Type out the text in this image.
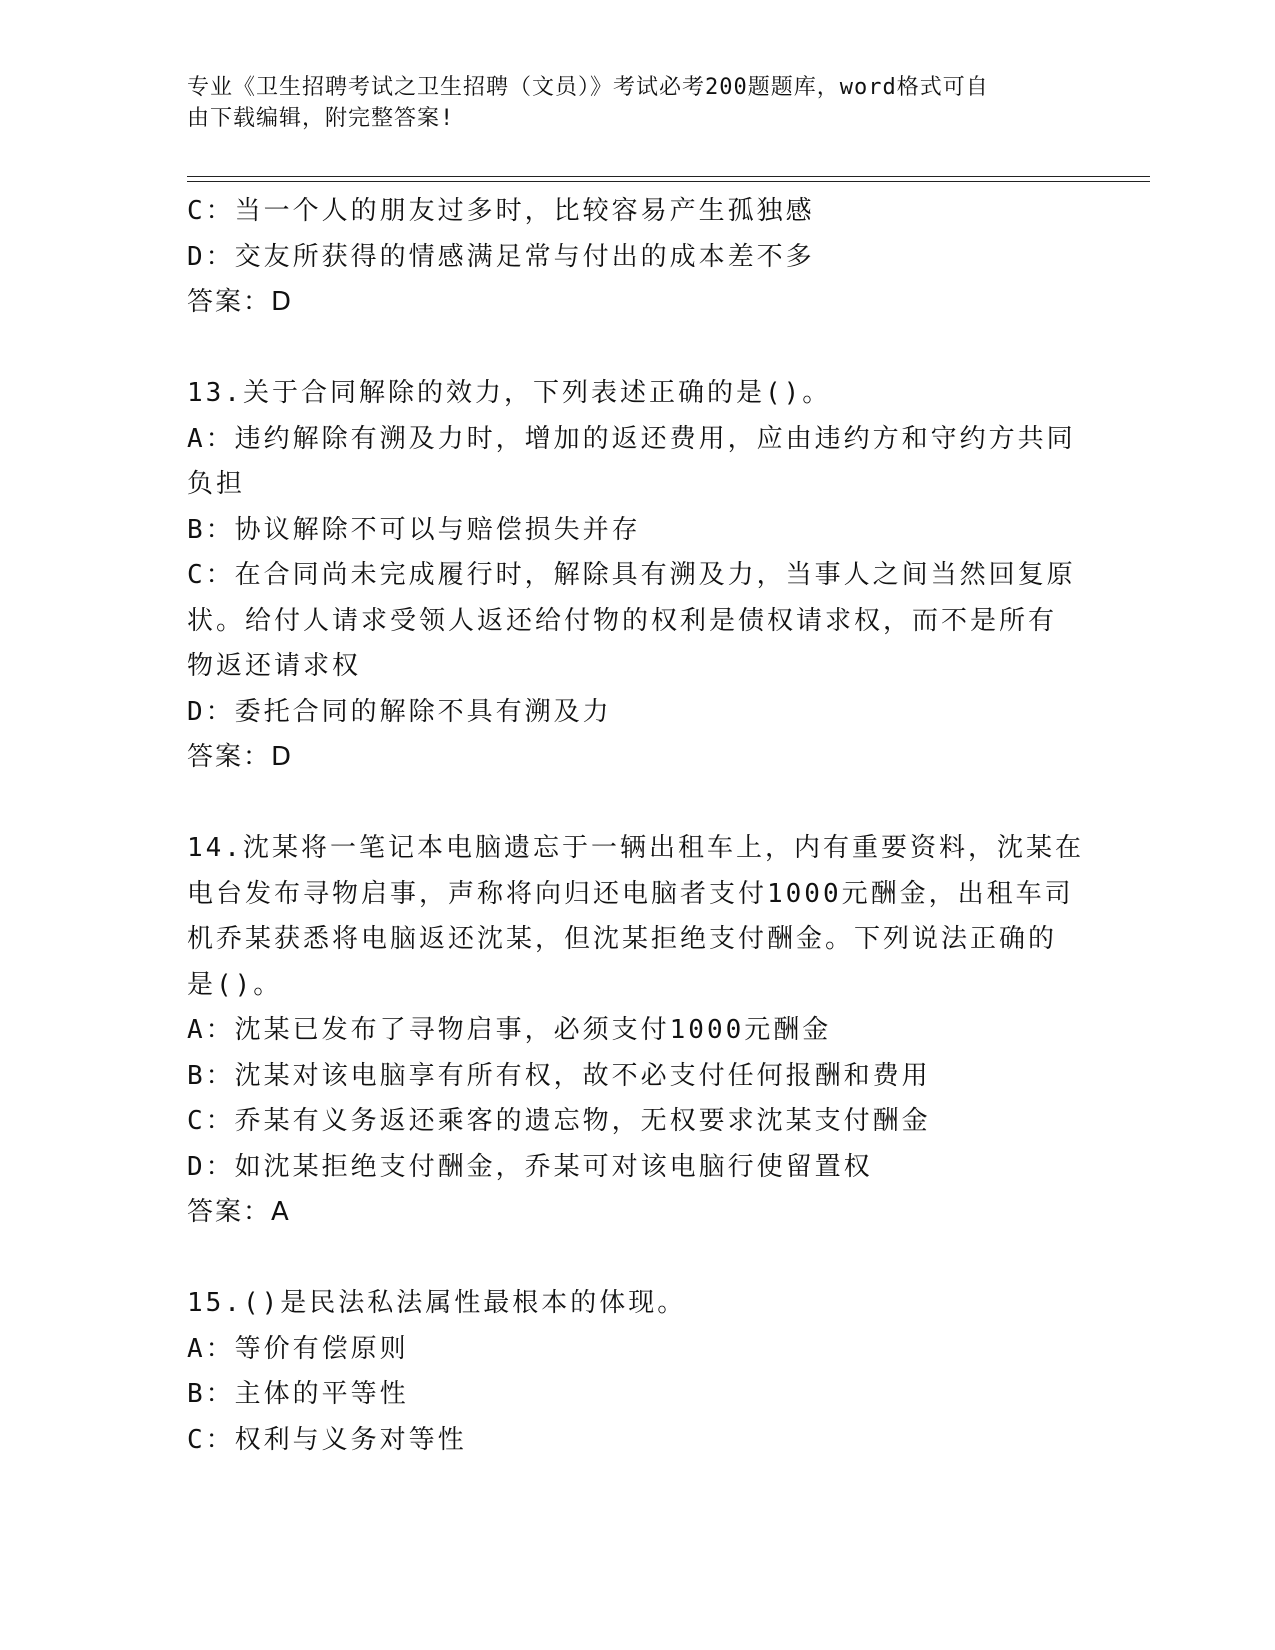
专业《卫生招聘考试之卫生招聘（文员）》考试必考200题题库，word格式可自
由下载编辑，附完整答案!
C：当一个人的朋友过多时，比较容易产生孤独感
D：交友所获得的情感满足常与付出的成本差不多
答案：D
13.关于合同解除的效力，下列表述正确的是()。
A：违约解除有溯及力时，增加的返还费用，应由违约方和守约方共同
负担
B：协议解除不可以与赔偿损失并存
C：在合同尚未完成履行时，解除具有溯及力，当事人之间当然回复原
状。给付人请求受领人返还给付物的权利是债权请求权，而不是所有
物返还请求权
D：委托合同的解除不具有溯及力
答案：D
14.沈某将一笔记本电脑遗忘于一辆出租车上，内有重要资料，沈某在
电台发布寻物启事，声称将向归还电脑者支付1000元酬金，出租车司
机乔某获悉将电脑返还沈某，但沈某拒绝支付酬金。下列说法正确的
是()。
A：沈某已发布了寻物启事，必须支付1000元酬金
B：沈某对该电脑享有所有权，故不必支付任何报酬和费用
C：乔某有义务返还乘客的遗忘物，无权要求沈某支付酬金
D：如沈某拒绝支付酬金，乔某可对该电脑行使留置权
答案：A
15.()是民法私法属性最根本的体现。
A：等价有偿原则
B：主体的平等性
C：权利与义务对等性
